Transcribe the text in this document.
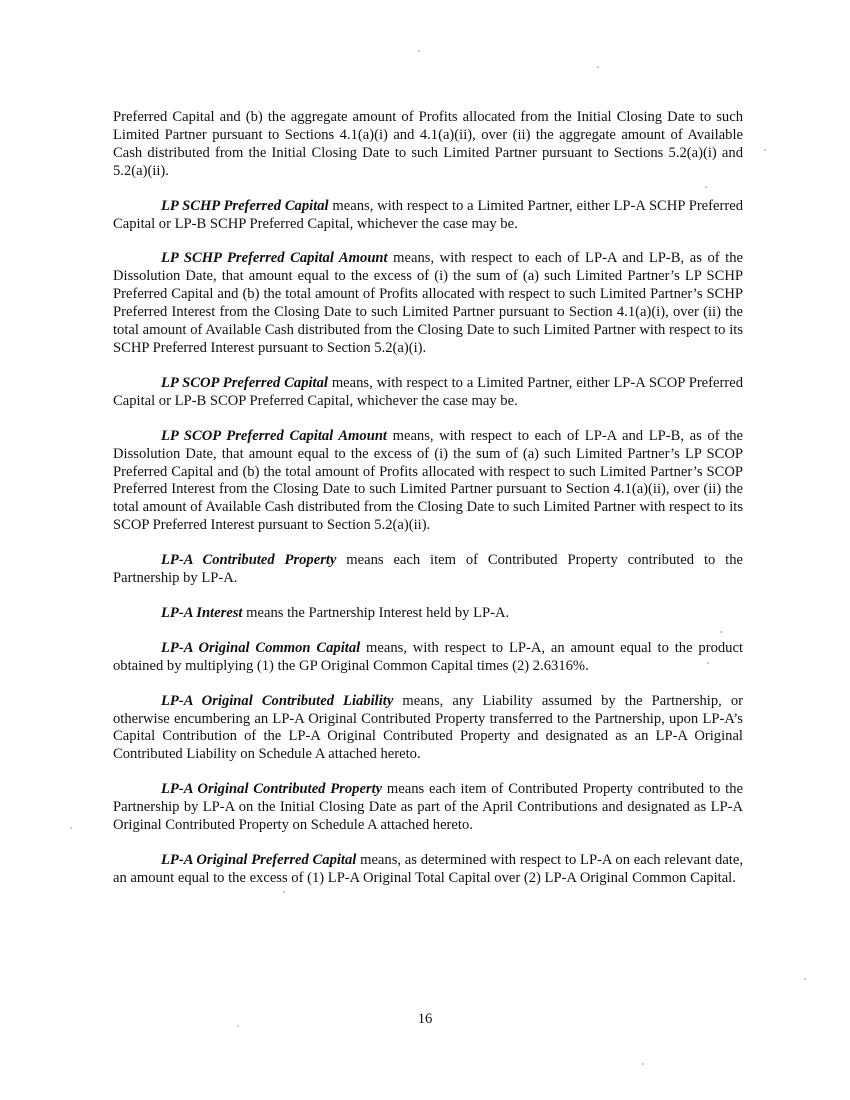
Preferred Capital and (b) the aggregate amount of Profits allocated from the Initial Closing Date to such Limited Partner pursuant to Sections 4.1(a)(i) and 4.1(a)(ii), over (ii) the aggregate amount of Available Cash distributed from the Initial Closing Date to such Limited Partner pursuant to Sections 5.2(a)(i) and 5.2(a)(ii).

LP SCHP Preferred Capital means, with respect to a Limited Partner, either LP-A SCHP Preferred Capital or LP-B SCHP Preferred Capital, whichever the case may be.

LP SCHP Preferred Capital Amount means, with respect to each of LP-A and LP-B, as of the Dissolution Date, that amount equal to the excess of (i) the sum of (a) such Limited Partner’s LP SCHP Preferred Capital and (b) the total amount of Profits allocated with respect to such Limited Partner’s SCHP Preferred Interest from the Closing Date to such Limited Partner pursuant to Section 4.1(a)(i), over (ii) the total amount of Available Cash distributed from the Closing Date to such Limited Partner with respect to its SCHP Preferred Interest pursuant to Section 5.2(a)(i).

LP SCOP Preferred Capital means, with respect to a Limited Partner, either LP-A SCOP Preferred Capital or LP-B SCOP Preferred Capital, whichever the case may be.

LP SCOP Preferred Capital Amount means, with respect to each of LP-A and LP-B, as of the Dissolution Date, that amount equal to the excess of (i) the sum of (a) such Limited Partner’s LP SCOP Preferred Capital and (b) the total amount of Profits allocated with respect to such Limited Partner’s SCOP Preferred Interest from the Closing Date to such Limited Partner pursuant to Section 4.1(a)(ii), over (ii) the total amount of Available Cash distributed from the Closing Date to such Limited Partner with respect to its SCOP Preferred Interest pursuant to Section 5.2(a)(ii).

LP-A Contributed Property means each item of Contributed Property contributed to the Partnership by LP-A.

LP-A Interest means the Partnership Interest held by LP-A.

LP-A Original Common Capital means, with respect to LP-A, an amount equal to the product obtained by multiplying (1) the GP Original Common Capital times (2) 2.6316%.

LP-A Original Contributed Liability means, any Liability assumed by the Partnership, or otherwise encumbering an LP-A Original Contributed Property transferred to the Partnership, upon LP-A’s Capital Contribution of the LP-A Original Contributed Property and designated as an LP-A Original Contributed Liability on Schedule A attached hereto.

LP-A Original Contributed Property means each item of Contributed Property contributed to the Partnership by LP-A on the Initial Closing Date as part of the April Contributions and designated as LP-A Original Contributed Property on Schedule A attached hereto.

LP-A Original Preferred Capital means, as determined with respect to LP-A on each relevant date, an amount equal to the excess of (1) LP-A Original Total Capital over (2) LP-A Original Common Capital.

16
